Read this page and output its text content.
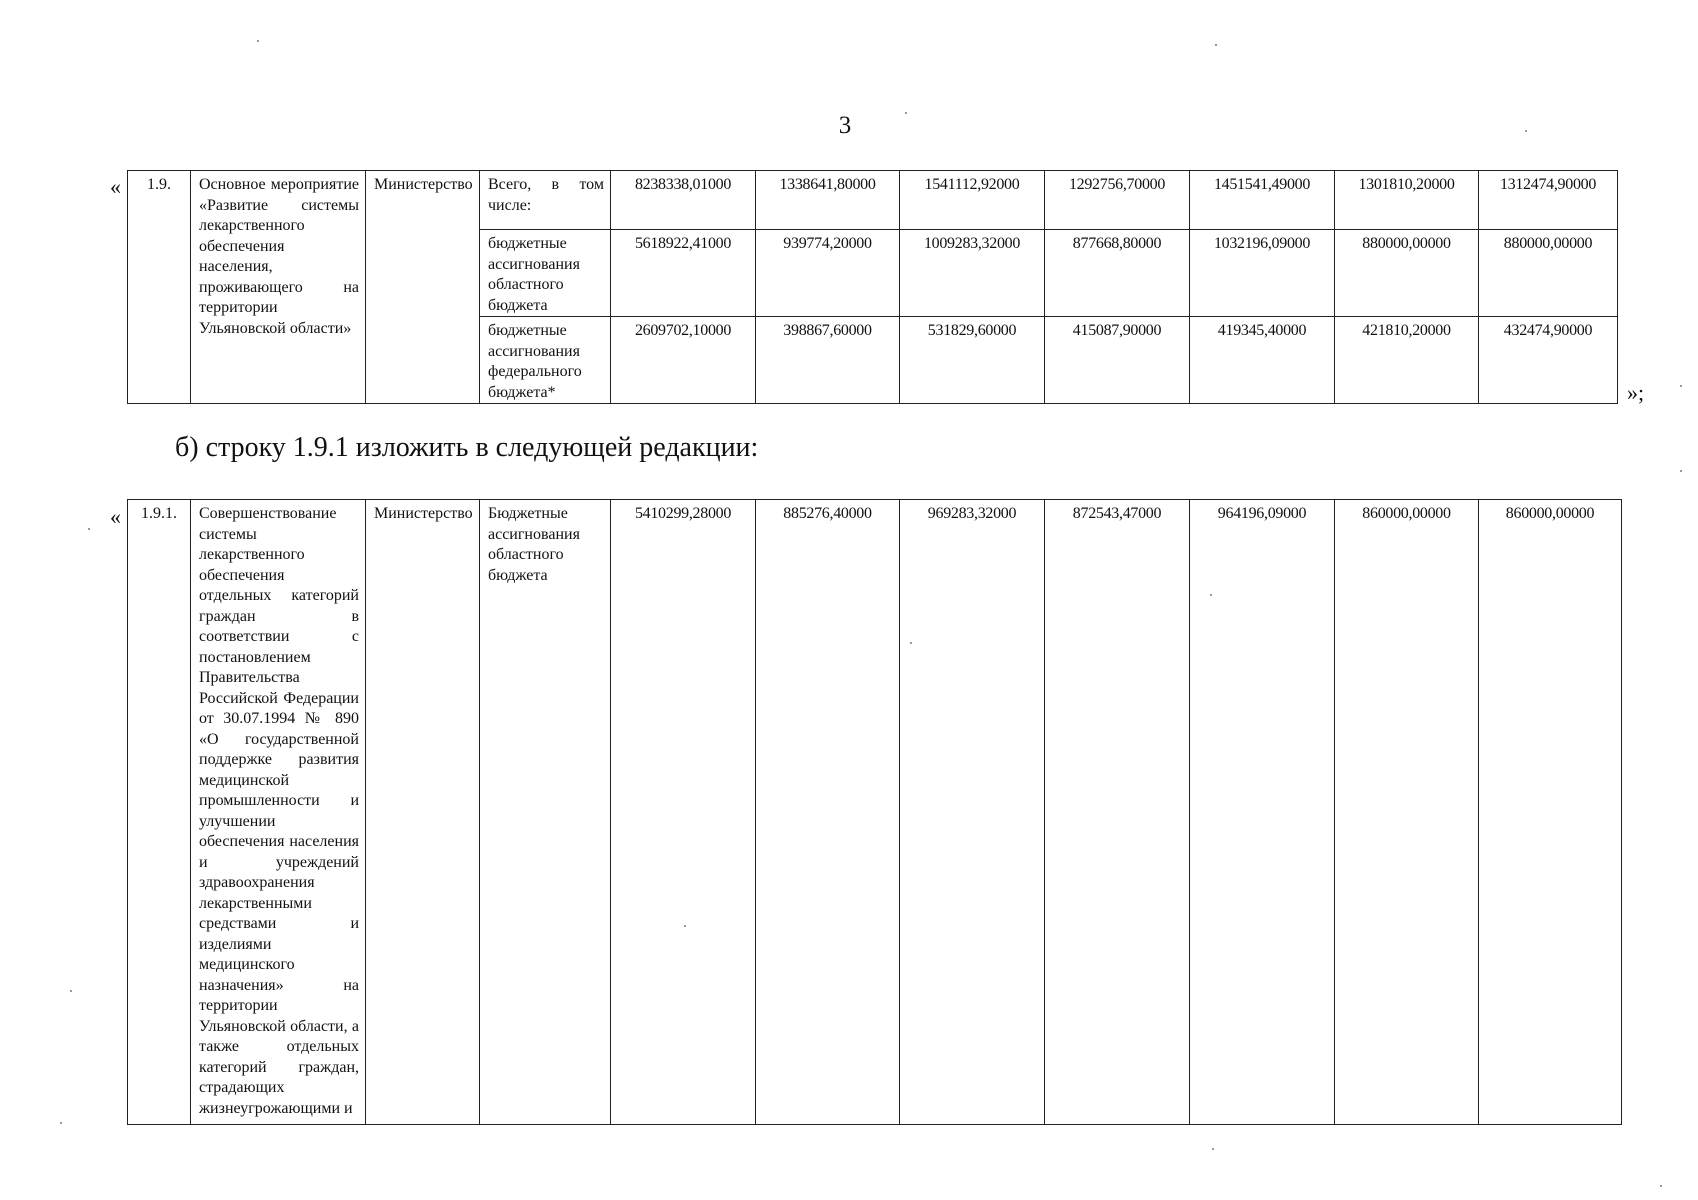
3
« 1.9.	Основное мероприятие «Развитие системы лекарственного обеспечения населения, проживающего на территории Ульяновской области»	Министерство	Всего, в том числе:	8238338,01000	1338641,80000	1541112,92000	1292756,70000	1451541,49000	1301810,20000	1312474,90000
			бюджетные ассигнования областного бюджета	5618922,41000	939774,20000	1009283,32000	877668,80000	1032196,09000	880000,00000	880000,00000
			бюджетные ассигнования федерального бюджета*	2609702,10000	398867,60000	531829,60000	415087,90000	419345,40000	421810,20000	432474,90000
»;
б) строку 1.9.1 изложить в следующей редакции:
« 1.9.1.	Совершенствование системы лекарственного обеспечения отдельных категорий граждан в соответствии с постановлением Правительства Российской Федерации от 30.07.1994 № 890 «О государственной поддержке развития медицинской промышленности и улучшении обеспечения населения и учреждений здравоохранения лекарственными средствами и изделиями медицинского назначения» на территории Ульяновской области, а также отдельных категорий граждан, страдающих жизнеугрожающими и	Министерство	Бюджетные ассигнования областного бюджета	5410299,28000	885276,40000	969283,32000	872543,47000	964196,09000	860000,00000	860000,00000
